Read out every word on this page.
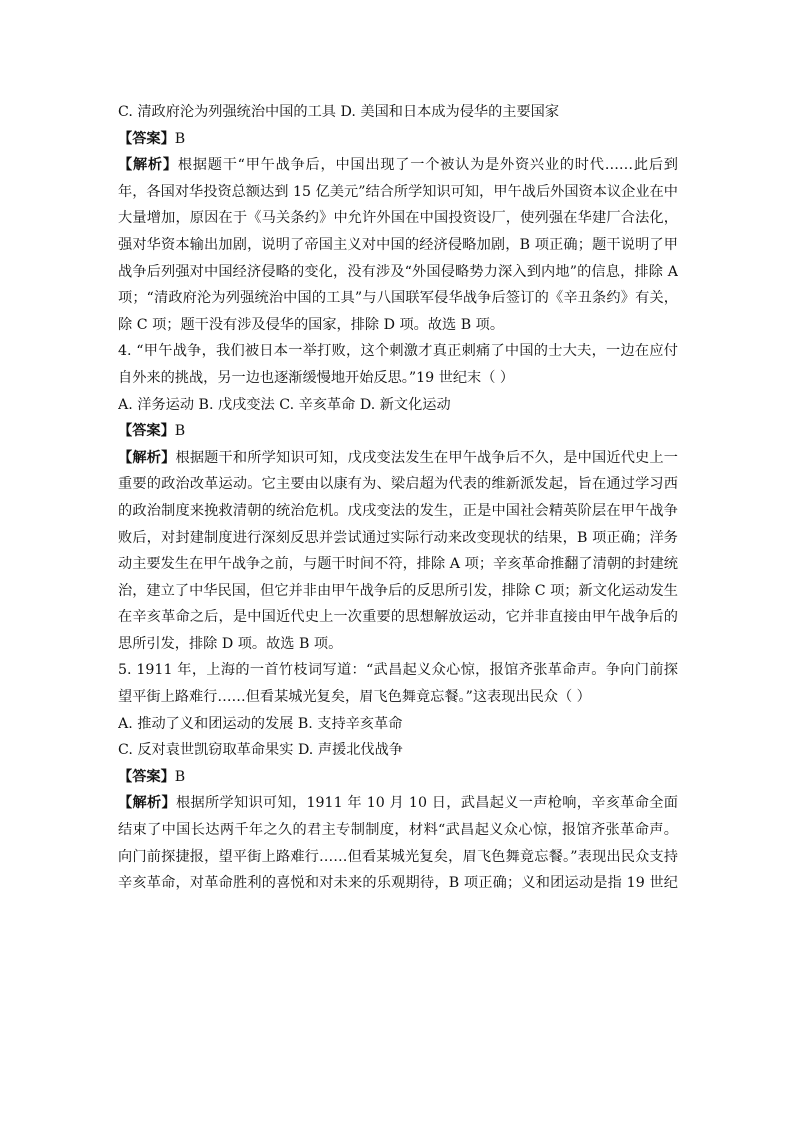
C. 清政府沦为列强统治中国的工具 D. 美国和日本成为侵华的主要国家
【答案】B
【解析】根据题干“甲午战争后，中国出现了一个被认为是外资兴业的时代……此后到
年，各国对华投资总额达到 15 亿美元”结合所学知识可知，甲午战后外国资本议企业在中
大量增加，原因在于《马关条约》中允许外国在中国投资设厂，使列强在华建厂合法化，
强对华资本输出加剧，说明了帝国主义对中国的经济侵略加剧，B 项正确；题干说明了甲
战争后列强对中国经济侵略的变化，没有涉及“外国侵略势力深入到内地”的信息，排除 A
项；“清政府沦为列强统治中国的工具”与八国联军侵华战争后签订的《辛丑条约》有关，
除 C 项；题干没有涉及侵华的国家，排除 D 项。故选 B 项。
4. “甲午战争，我们被日本一举打败，这个刺激才真正刺痛了中国的士大夫，一边在应付
自外来的挑战，另一边也逐渐缓慢地开始反思。”19 世纪末（ ）
A. 洋务运动 B. 戊戌变法 C. 辛亥革命 D. 新文化运动
【答案】B
【解析】根据题干和所学知识可知，戊戌变法发生在甲午战争后不久，是中国近代史上一
重要的政治改革运动。它主要由以康有为、梁启超为代表的维新派发起，旨在通过学习西
的政治制度来挽救清朝的统治危机。戊戌变法的发生，正是中国社会精英阶层在甲午战争
败后，对封建制度进行深刻反思并尝试通过实际行动来改变现状的结果，B 项正确；洋务
动主要发生在甲午战争之前，与题干时间不符，排除 A 项；辛亥革命推翻了清朝的封建统
治，建立了中华民国，但它并非由甲午战争后的反思所引发，排除 C 项；新文化运动发生
在辛亥革命之后，是中国近代史上一次重要的思想解放运动，它并非直接由甲午战争后的
思所引发，排除 D 项。故选 B 项。
5. 1911 年，上海的一首竹枝词写道：“武昌起义众心惊，报馆齐张革命声。争向门前探
望平街上路难行……但看某城光复矣，眉飞色舞竟忘餐。”这表现出民众（ ）
A. 推动了义和团运动的发展 B. 支持辛亥革命
C. 反对袁世凯窃取革命果实 D. 声援北伐战争
【答案】B
【解析】根据所学知识可知，1911 年 10 月 10 日，武昌起义一声枪响，辛亥革命全面
结束了中国长达两千年之久的君主专制制度，材料“武昌起义众心惊，报馆齐张革命声。
向门前探捷报，望平街上路难行……但看某城光复矣，眉飞色舞竟忘餐。”表现出民众支持
辛亥革命，对革命胜利的喜悦和对未来的乐观期待，B 项正确；义和团运动是指 19 世纪
